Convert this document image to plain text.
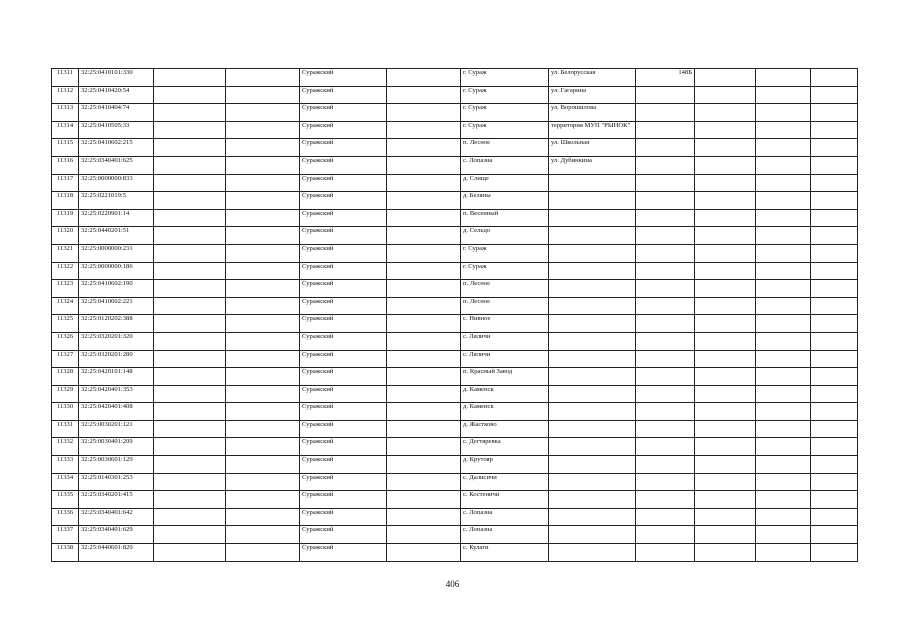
11311	32:25:0410101:330			Суражский		г. Сураж	ул. Белорусская	148Б			
11312	32:25:0410420:54			Суражский		г. Сураж	ул. Гагарина				
11313	32:25:0410404:74			Суражский		г. Сураж	ул. Ворошилова				
11314	32:25:0410505:33			Суражский		г. Сураж	территория МУП "РЫНОК"				
11315	32:25:0410602:215			Суражский		п. Лесное	ул. Школьная				
11316	32:25:0340401:625			Суражский		с. Лопазна	ул. Дубинкина				
11317	32:25:0000000:833			Суражский		д. Слище					
11318	32:25:0221019:5			Суражский		д. Беляны					
11319	32:25:0220901:14			Суражский		п. Весенный					
11320	32:25:0440201:51			Суражский		д. Сельцо					
11321	32:25:0000000:231			Суражский		г. Сураж					
11322	32:25:0000000:186			Суражский		г. Сураж					
11323	32:25:0410602:190			Суражский		п. Лесное					
11324	32:25:0410602:221			Суражский		п. Лесное					
11325	32:25:0120202:388			Суражский		с. Нивное					
11326	32:25:0320201:320			Суражский		с. Ляличи					
11327	32:25:0320201:280			Суражский		с. Ляличи					
11328	32:25:0420101:148			Суражский		п. Красный Завод					
11329	32:25:0420401:353			Суражский		д. Каменск					
11330	32:25:0420401:408			Суражский		д. Каменск					
11331	32:25:0030201:121			Суражский		д. Жастково					
11332	32:25:0030401:209			Суражский		с. Дегтяревка					
11333	32:25:0030601:129			Суражский		д. Крутояр					
11334	32:25:0140301:253			Суражский		с. Далисичи					
11335	32:25:0340201:415			Суражский		с. Костеничи					
11336	32:25:0340401:642			Суражский		с. Лопазна					
11337	32:25:0340401:629			Суражский		с. Лопазна					
11338	32:25:0440601:820			Суражский		с. Кулаги					
406
